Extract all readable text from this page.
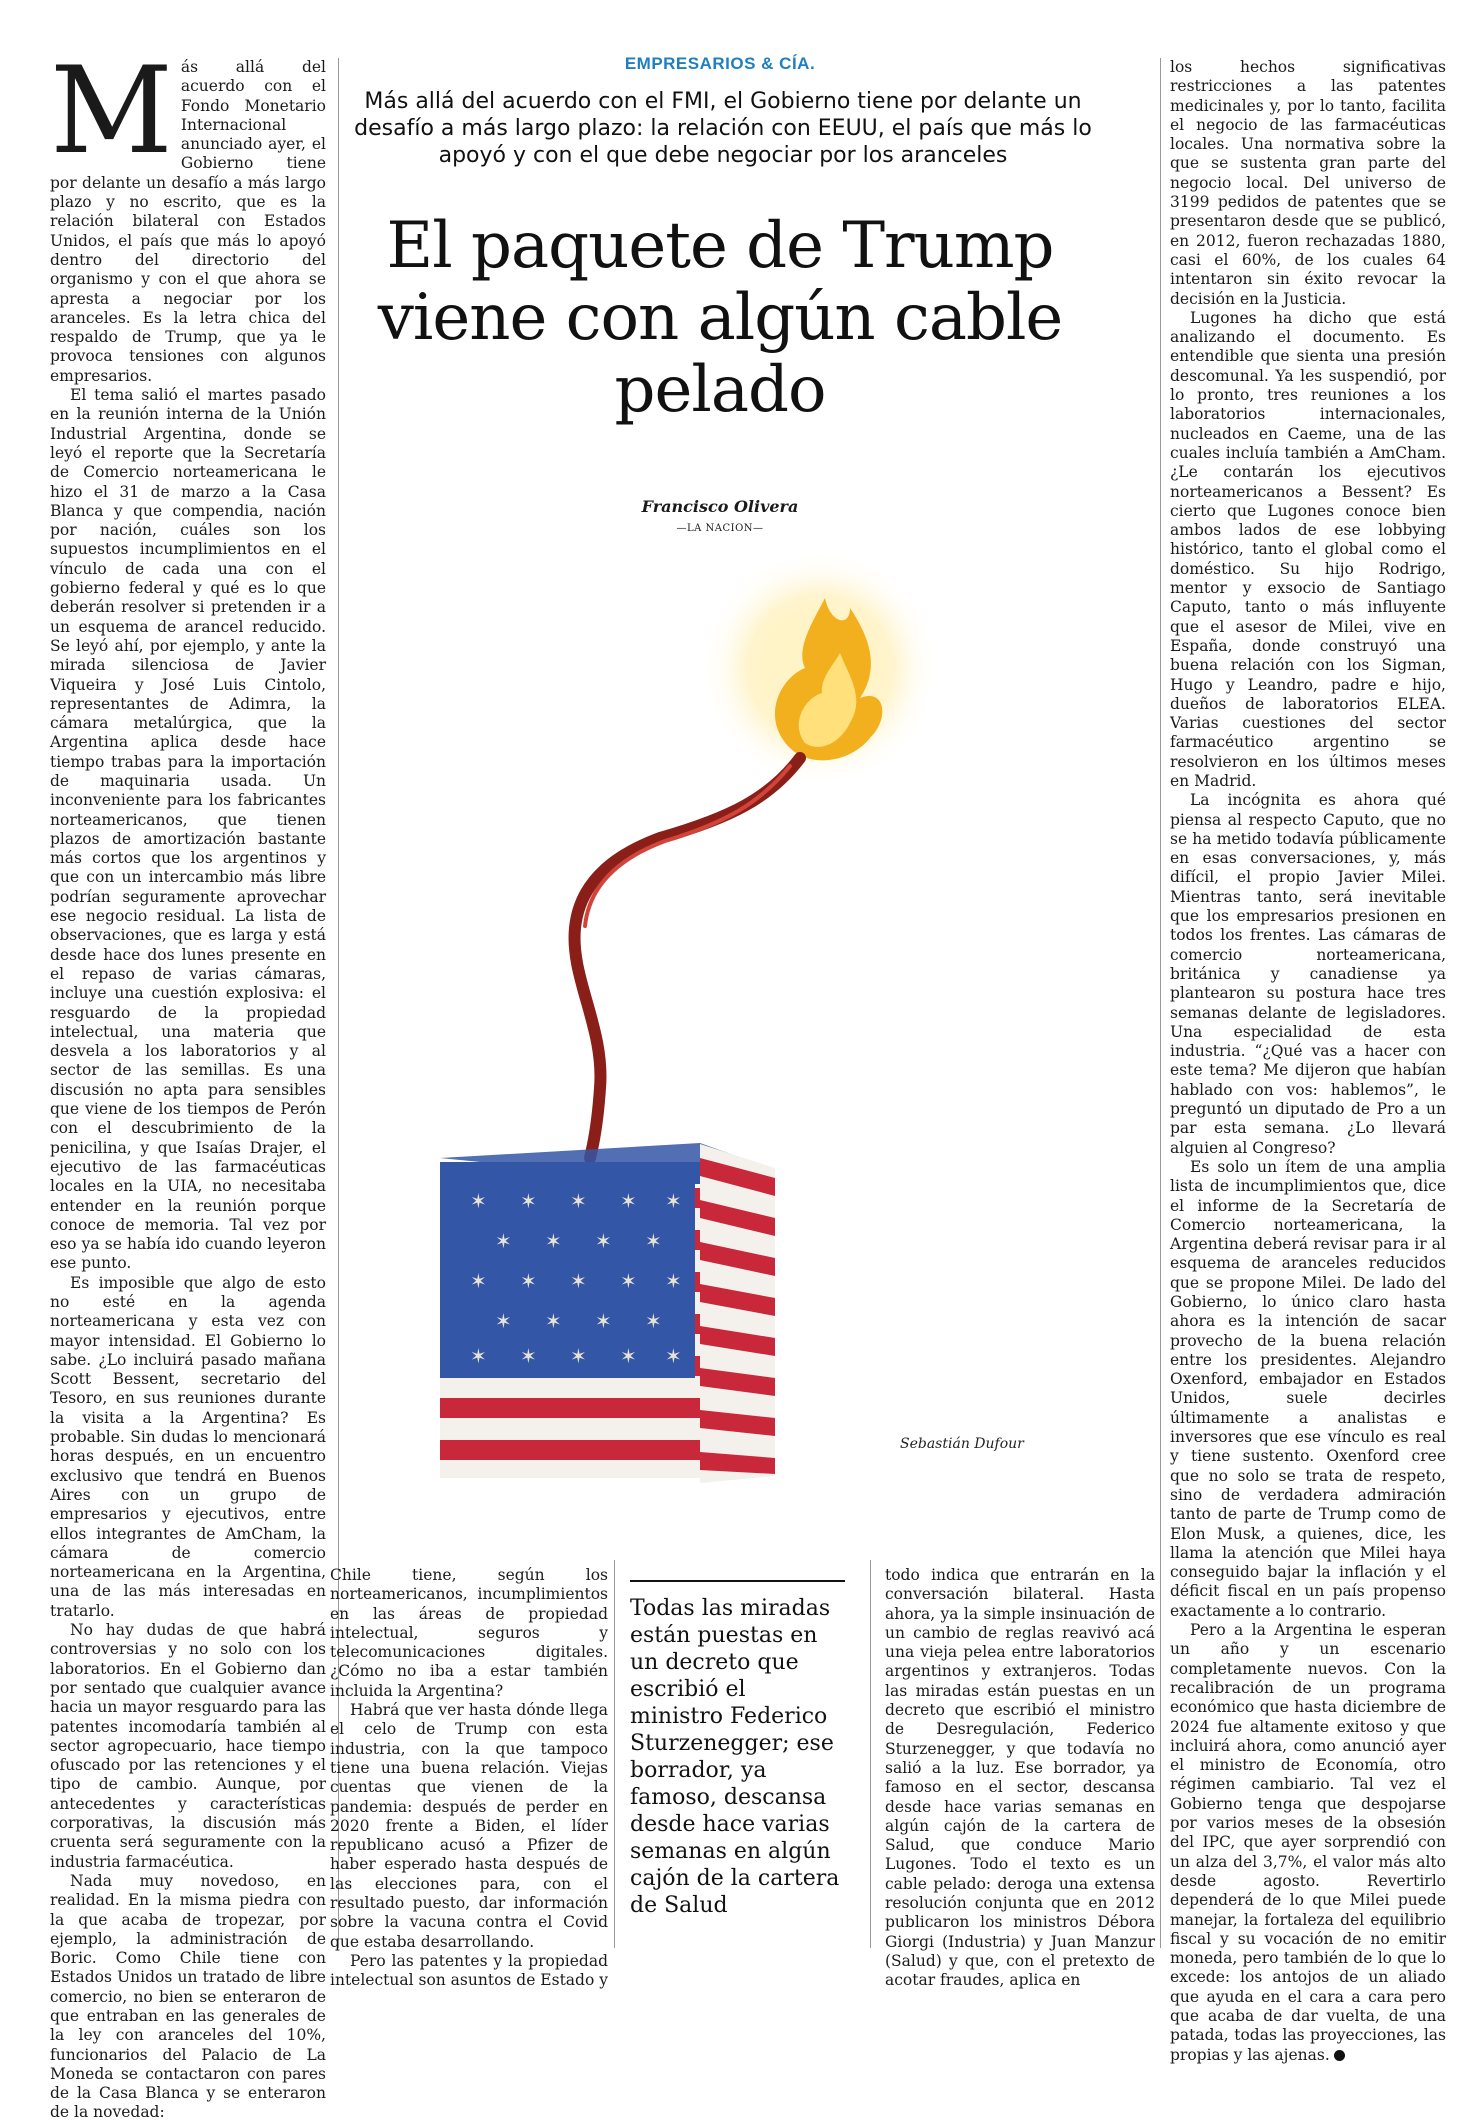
M ás allá del acuerdo con el Fondo Monetario Internacional anunciado ayer, el Gobierno tiene por delante un desafío a más largo plazo y no escrito, que es la relación bilateral con Estados Unidos, el país que más lo apoyó dentro del directorio del organismo y con el que ahora se apresta a negociar por los aranceles. Es la letra chica del respaldo de Trump, que ya le provoca tensiones con algunos empresarios.

El tema salió el martes pasado en la reunión interna de la Unión Industrial Argentina, donde se leyó el reporte que la Secretaría de Comercio norteamericana le hizo el 31 de marzo a la Casa Blanca y que compendia, nación por nación, cuáles son los supuestos incumplimientos en el vínculo de cada una con el gobierno federal y qué es lo que deberán resolver si pretenden ir a un esquema de arancel reducido. Se leyó ahí, por ejemplo, y ante la mirada silenciosa de Javier Viqueira y José Luis Cintolo, representantes de Adimra, la cámara metalúrgica, que la Argentina aplica desde hace tiempo trabas para la importación de maquinaria usada. Un inconveniente para los fabricantes norteamericanos, que tienen plazos de amortización bastante más cortos que los argentinos y que con un intercambio más libre podrían seguramente aprovechar ese negocio residual. La lista de observaciones, que es larga y está desde hace dos lunes presente en el repaso de varias cámaras, incluye una cuestión explosiva: el resguardo de la propiedad intelectual, una materia que desvela a los laboratorios y al sector de las semillas. Es una discusión no apta para sensibles que viene de los tiempos de Perón con el descubrimiento de la penicilina, y que Isaías Drajer, el ejecutivo de las farmacéuticas locales en la UIA, no necesitaba entender en la reunión porque conoce de memoria. Tal vez por eso ya se había ido cuando leyeron ese punto.

Es imposible que algo de esto no esté en la agenda norteamericana y esta vez con mayor intensidad. El Gobierno lo sabe. ¿Lo incluirá pasado mañana Scott Bessent, secretario del Tesoro, en sus reuniones durante la visita a la Argentina? Es probable. Sin dudas lo mencionará horas después, en un encuentro exclusivo que tendrá en Buenos Aires con un grupo de empresarios y ejecutivos, entre ellos integrantes de AmCham, la cámara de comercio norteamericana en la Argentina, una de las más interesadas en tratarlo.

No hay dudas de que habrá controversias y no solo con los laboratorios. En el Gobierno dan por sentado que cualquier avance hacia un mayor resguardo para las patentes incomodaría también al sector agropecuario, hace tiempo ofuscado por las retenciones y el tipo de cambio. Aunque, por antecedentes y características corporativas, la discusión más cruenta será seguramente con la industria farmacéutica.

Nada muy novedoso, en realidad. En la misma piedra con la que acaba de tropezar, por ejemplo, la administración de Boric. Como Chile tiene con Estados Unidos un tratado de libre comercio, no bien se enteraron de que entraban en las generales de la ley con aranceles del 10%, funcionarios del Palacio de La Moneda se contactaron con pares de la Casa Blanca y se enteraron de la novedad:

EMPRESARIOS & CÍA.
Más allá del acuerdo con el FMI, el Gobierno tiene por delante un desafío a más largo plazo: la relación con EEUU, el país que más lo apoyó y con el que debe negociar por los aranceles
El paquete de Trump viene con algún cable pelado
Francisco Olivera
—LA NACION—
✶ ✶ ✶ ✶ ✶
✶ ✶ ✶ ✶
✶ ✶ ✶ ✶ ✶
✶ ✶ ✶ ✶
✶ ✶ ✶ ✶ ✶
Sebastián Dufour

Chile tiene, según los norteamericanos, incumplimientos en las áreas de propiedad intelectual, seguros y telecomunicaciones digitales. ¿Cómo no iba a estar también incluida la Argentina?

Habrá que ver hasta dónde llega el celo de Trump con esta industria, con la que tampoco tiene una buena relación. Viejas cuentas que vienen de la pandemia: después de perder en 2020 frente a Biden, el líder republicano acusó a Pfizer de haber esperado hasta después de las elecciones para, con el resultado puesto, dar información sobre la vacuna contra el Covid que estaba desarrollando.

Pero las patentes y la propiedad intelectual son asuntos de Estado y

Todas las miradas están puestas en un decreto que escribió el ministro Federico Sturzenegger; ese borrador, ya famoso, descansa desde hace varias semanas en algún cajón de la cartera de Salud

todo indica que entrarán en la conversación bilateral. Hasta ahora, ya la simple insinuación de un cambio de reglas reavivó acá una vieja pelea entre laboratorios argentinos y extranjeros. Todas las miradas están puestas en un decreto que escribió el ministro de Desregulación, Federico Sturzenegger, y que todavía no salió a la luz. Ese borrador, ya famoso en el sector, descansa desde hace varias semanas en algún cajón de la cartera de Salud, que conduce Mario Lugones. Todo el texto es un cable pelado: deroga una extensa resolución conjunta que en 2012 publicaron los ministros Débora Giorgi (Industria) y Juan Manzur (Salud) y que, con el pretexto de acotar fraudes, aplica en

los hechos significativas restricciones a las patentes medicinales y, por lo tanto, facilita el negocio de las farmacéuticas locales. Una normativa sobre la que se sustenta gran parte del negocio local. Del universo de 3199 pedidos de patentes que se presentaron desde que se publicó, en 2012, fueron rechazadas 1880, casi el 60%, de los cuales 64 intentaron sin éxito revocar la decisión en la Justicia.

Lugones ha dicho que está analizando el documento. Es entendible que sienta una presión descomunal. Ya les suspendió, por lo pronto, tres reuniones a los laboratorios internacionales, nucleados en Caeme, una de las cuales incluía también a AmCham. ¿Le contarán los ejecutivos norteamericanos a Bessent? Es cierto que Lugones conoce bien ambos lados de ese lobbying histórico, tanto el global como el doméstico. Su hijo Rodrigo, mentor y exsocio de Santiago Caputo, tanto o más influyente que el asesor de Milei, vive en España, donde construyó una buena relación con los Sigman, Hugo y Leandro, padre e hijo, dueños de laboratorios ELEA. Varias cuestiones del sector farmacéutico argentino se resolvieron en los últimos meses en Madrid.

La incógnita es ahora qué piensa al respecto Caputo, que no se ha metido todavía públicamente en esas conversaciones, y, más difícil, el propio Javier Milei. Mientras tanto, será inevitable que los empresarios presionen en todos los frentes. Las cámaras de comercio norteamericana, británica y canadiense ya plantearon su postura hace tres semanas delante de legisladores. Una especialidad de esta industria. “¿Qué vas a hacer con este tema? Me dijeron que habían hablado con vos: hablemos”, le preguntó un diputado de Pro a un par esta semana. ¿Lo llevará alguien al Congreso?

Es solo un ítem de una amplia lista de incumplimientos que, dice el informe de la Secretaría de Comercio norteamericana, la Argentina deberá revisar para ir al esquema de aranceles reducidos que se propone Milei. De lado del Gobierno, lo único claro hasta ahora es la intención de sacar provecho de la buena relación entre los presidentes. Alejandro Oxenford, embajador en Estados Unidos, suele decirles últimamente a analistas e inversores que ese vínculo es real y tiene sustento. Oxenford cree que no solo se trata de respeto, sino de verdadera admiración tanto de parte de Trump como de Elon Musk, a quienes, dice, les llama la atención que Milei haya conseguido bajar la inflación y el déficit fiscal en un país propenso exactamente a lo contrario.

Pero a la Argentina le esperan un año y un escenario completamente nuevos. Con la recalibración de un programa económico que hasta diciembre de 2024 fue altamente exitoso y que incluirá ahora, como anunció ayer el ministro de Economía, otro régimen cambiario. Tal vez el Gobierno tenga que despojarse por varios meses de la obsesión del IPC, que ayer sorprendió con un alza del 3,7%, el valor más alto desde agosto. Revertirlo dependerá de lo que Milei puede manejar, la fortaleza del equilibrio fiscal y su vocación de no emitir moneda, pero también de lo que lo excede: los antojos de un aliado que ayuda en el cara a cara pero que acaba de dar vuelta, de una patada, todas las proyecciones, las propias y las ajenas.
